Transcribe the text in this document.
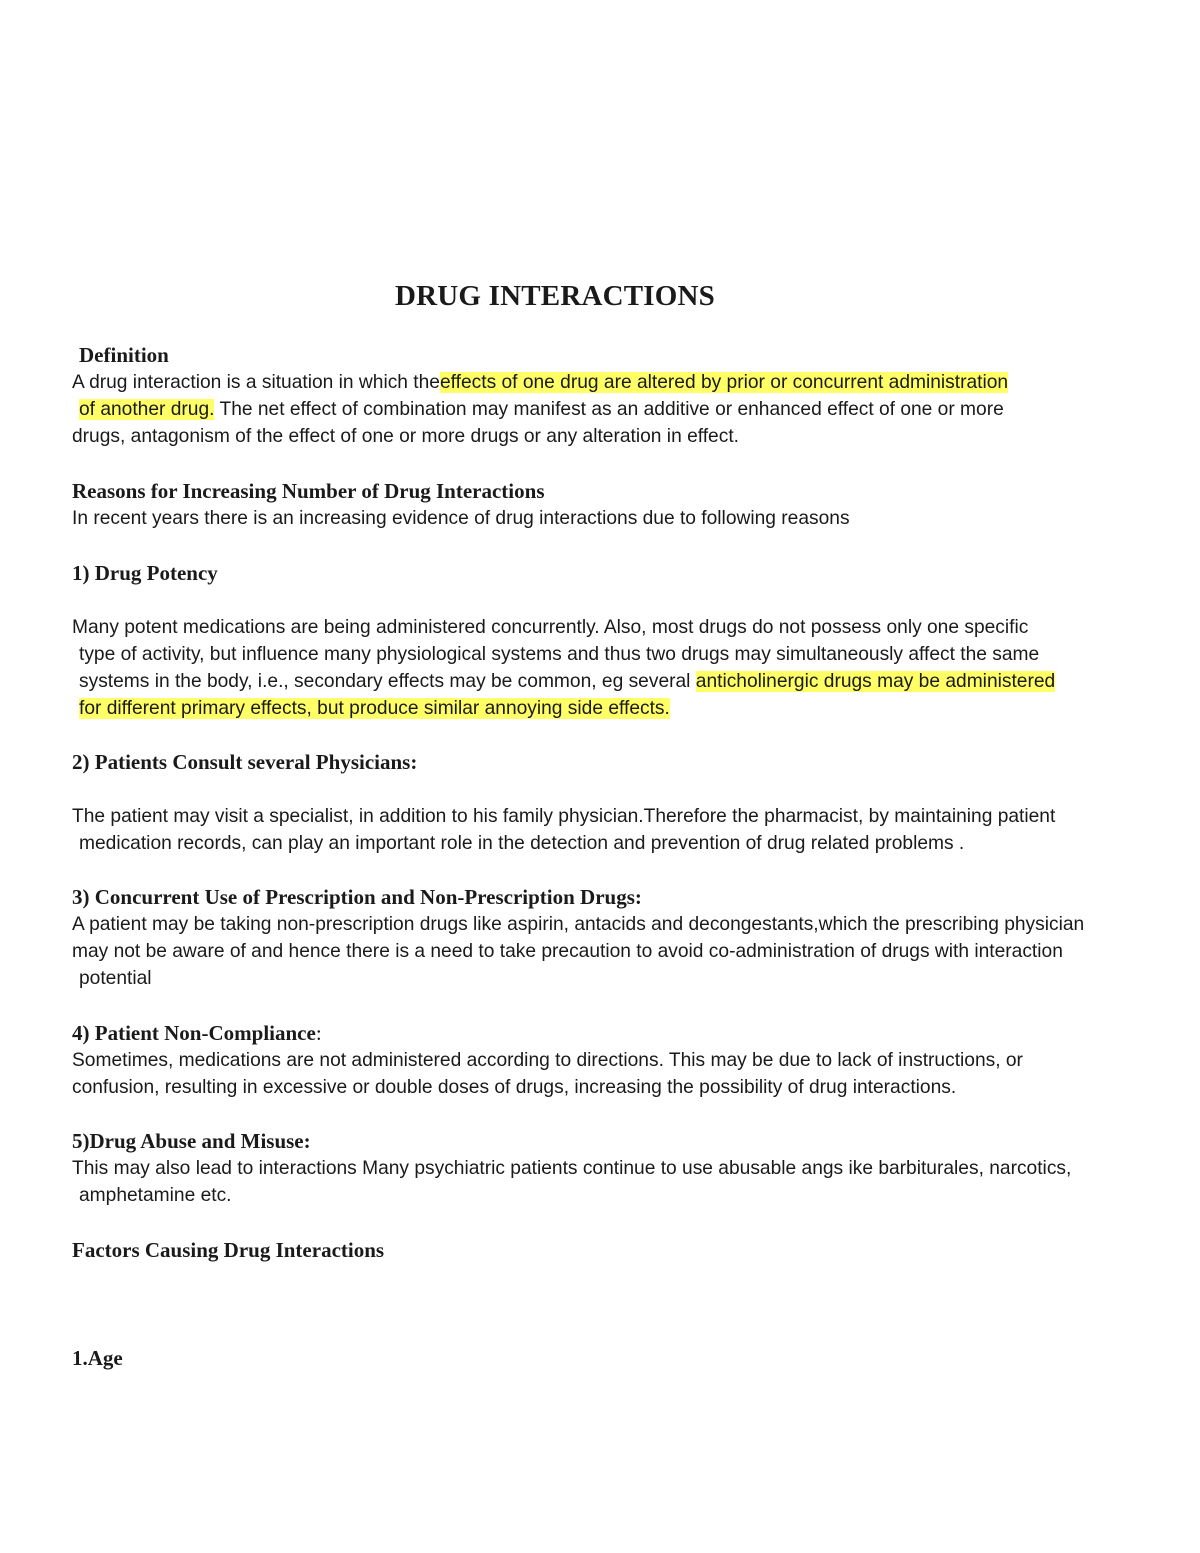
DRUG INTERACTIONS
Definition
A drug interaction is a situation in which theeffects of one drug are altered by prior or concurrent administration
of another drug. The net effect of combination may manifest as an additive or enhanced effect of one or more
drugs, antagonism of the effect of one or more drugs or any alteration in effect.
Reasons for Increasing Number of Drug Interactions
In recent years there is an increasing evidence of drug interactions due to following reasons
1) Drug Potency
Many potent medications are being administered concurrently. Also, most drugs do not possess only one specific
type of activity, but influence many physiological systems and thus two drugs may simultaneously affect the same
systems in the body, i.e., secondary effects may be common, eg several anticholinergic drugs may be administered
for different primary effects, but produce similar annoying side effects.
2) Patients Consult several Physicians:
The patient may visit a specialist, in addition to his family physician.Therefore the pharmacist, by maintaining patient
medication records, can play an important role in the detection and prevention of drug related problems .
3) Concurrent Use of Prescription and Non-Prescription Drugs:
A patient may be taking non-prescription drugs like aspirin, antacids and decongestants,which the prescribing physician
may not be aware of and hence there is a need to take precaution to avoid co-administration of drugs with interaction
potential
4) Patient Non-Compliance:
Sometimes, medications are not administered according to directions. This may be due to lack of instructions, or
confusion, resulting in excessive or double doses of drugs, increasing the possibility of drug interactions.
5)Drug Abuse and Misuse:
This may also lead to interactions Many psychiatric patients continue to use abusable angs ike barbiturales, narcotics,
amphetamine etc.
Factors Causing Drug Interactions
1.Age
